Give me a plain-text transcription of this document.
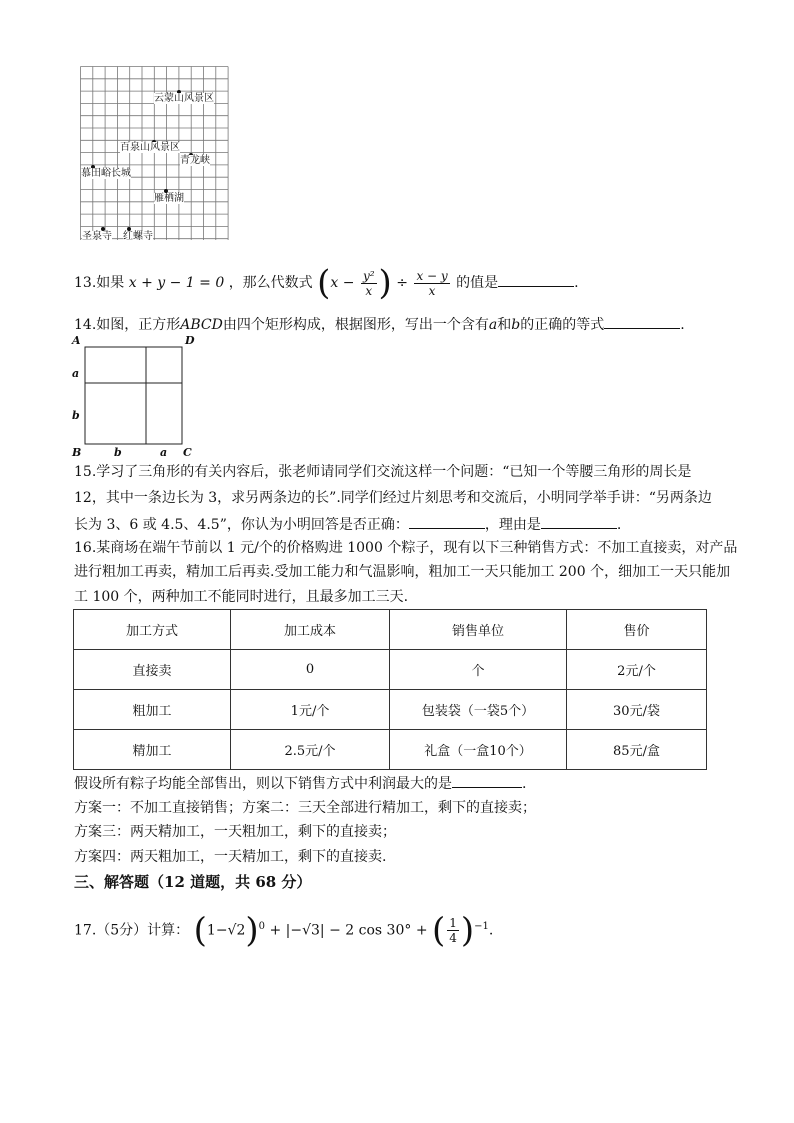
云蒙山风景区
百泉山风景区
青龙峡
慕田峪长城
雁栖湖
圣泉寺 红螺寺
13.如果 x + y − 1 = 0 ，那么代数式 ($x - \frac{\text{y²}}{x}$ ) ÷ $\frac{x - y}{x}$ 的值是	.
14.如图，正方形ABCD由四个矩形构成，根据图形，写出一个含有a和b的正确的等式	.
A	D
a
b
B	b	a C
15.学习了三角形的有关内容后，张老师请同学们交流这样一个问题：“已知一个等腰三角形的周长是
12，其中一条边长为 3，求另两条边的长”.同学们经过片刻思考和交流后，小明同学举手讲：“另两条边
长为 3、6 或 4.5、4.5”，你认为小明回答是否正确：	，理由是	.
16.某商场在端午节前以 1 元/个的价格购进 1000 个粽子，现有以下三种销售方式：不加工直接卖，对产品
进行粗加工再卖，精加工后再卖.受加工能力和气温影响，粗加工一天只能加工 200 个，细加工一天只能加
工 100 个，两种加工不能同时进行，且最多加工三天.
加工方式	加工成本	销售单位	售价
直接卖	0	个	2元/个
粗加工	1元/个	包装袋（一袋5个）	30元/袋
精加工	2.5元/个	礼盒（一盒10个）	85元/盒
假设所有粽子均能全部售出，则以下销售方式中利润最大的是	.
方案一：不加工直接销售；方案二：三天全部进行精加工，剩下的直接卖；
方案三：两天精加工，一天粗加工，剩下的直接卖；
方案四：两天粗加工，一天精加工，剩下的直接卖.
三、解答题（12 道题，共 68 分）
17.（5分）计算： $(1-√2)^0 + |-√3| - 2$ cos 30° + ( $\frac{1}{4} )^{-1}$.
